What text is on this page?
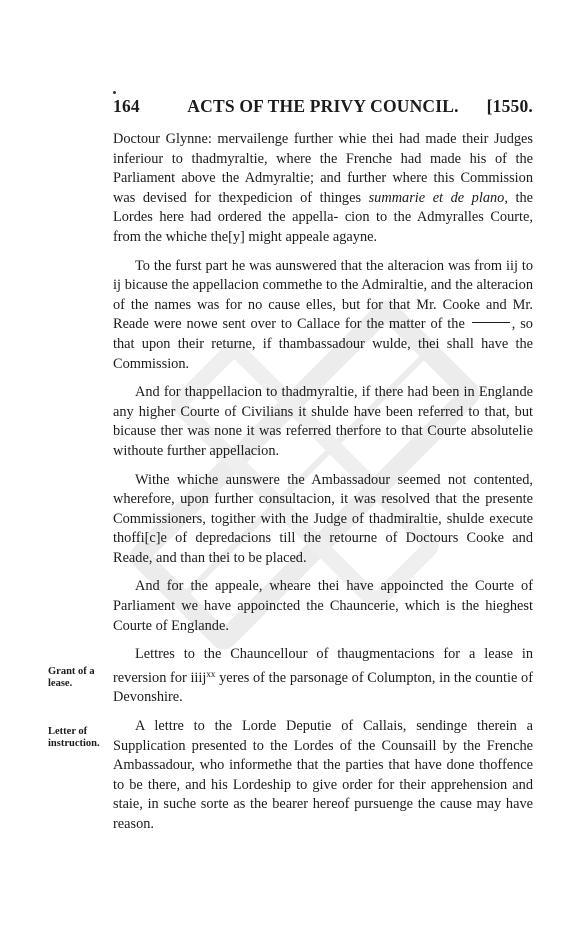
164	ACTS OF THE PRIVY COUNCIL.	[1550.

Doctour Glynne: mervailenge further whie thei had made their Judges inferiour to thadmyraltie, where the Frenche had made his of the Parliament above the Admyraltie; and further where this Commission was devised for thexpedicion of thinges summarie et de plano, the Lordes here had ordered the appella- cion to the Admyralles Courte, from the whiche the[y] might appeale agayne.

To the furst part he was aunswered that the alteracion was from iij to ij bicause the appellacion commethe to the Admiraltie, and the alteracion of the names was for no cause elles, but for that Mr. Cooke and Mr. Reade were nowe sent over to Callace for the matter of the	, so that upon their returne, if thambassadour wulde, thei shall have the Commission.

And for thappellacion to thadmyraltie, if there had been in Englande any higher Courte of Civilians it shulde have been referred to that, but bicause ther was none it was referred therfore to that Courte absolutelie withoute further appellacion.

Withe whiche aunswere the Ambassadour seemed not contented, wherefore, upon further consultacion, it was resolved that the presente Commissioners, togither with the Judge of thadmiraltie, shulde execute thoffi[c]e of depredacions till the retourne of Doctours Cooke and Reade, and than thei to be placed.

And for the appeale, wheare thei have appoincted the Courte of Parliament we have appoincted the Chauncerie, which is the hieghest Courte of Englande.

Lettres to the Chauncellour of thaugmentacions for a lease in reversion for iiij$^{xx}$ yeres of the parsonage of Columpton, in the countie of Devonshire.

A lettre to the Lorde Deputie of Callais, sendinge therein a Supplication presented to the Lordes of the Counsaill by the Frenche Ambassadour, who informethe that the parties that have done thoffence to be there, and his Lordeship to give order for their apprehension and staie, in suche sorte as the bearer hereof pursuenge the cause may have reason.

Grant of a lease.
Letter of instruction.
